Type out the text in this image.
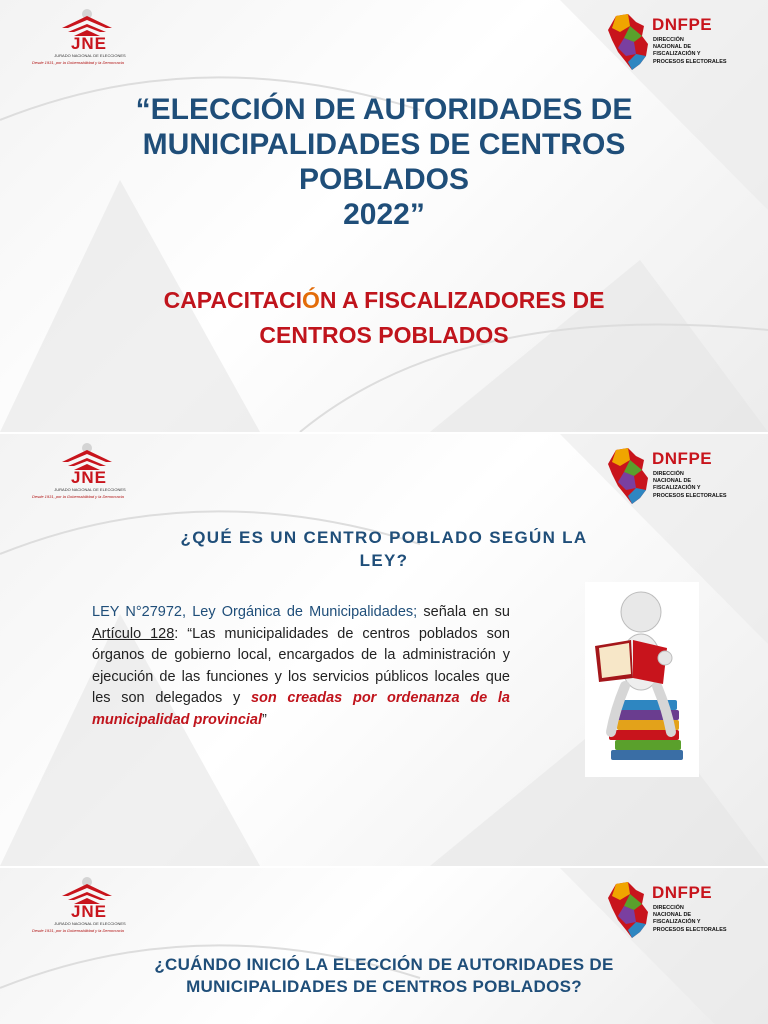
JNE
JURADO NACIONAL DE ELECCIONES
Desde 1931, por la Gobernabilidad y la Democracia
DNFPE
DIRECCIÓN
NACIONAL DE
FISCALIZACIÓN Y
PROCESOS ELECTORALES
“ELECCIÓN DE AUTORIDADES DE
MUNICIPALIDADES DE CENTROS
POBLADOS
2022”
CAPACITACIÓN A FISCALIZADORES DE
CENTROS POBLADOS
JNE
JURADO NACIONAL DE ELECCIONES
Desde 1931, por la Gobernabilidad y la Democracia
DNFPE
DIRECCIÓN
NACIONAL DE
FISCALIZACIÓN Y
PROCESOS ELECTORALES
¿QUÉ ES UN CENTRO POBLADO SEGÚN LA
LEY?

LEY N°27972, Ley Orgánica de Municipalidades; señala en su Artículo 128: “Las municipalidades de centros poblados son órganos de gobierno local, encargados de la administración y ejecución de las funciones y los servicios públicos locales que les son delegados y son creadas por ordenanza de la municipalidad provincial”

JNE
JURADO NACIONAL DE ELECCIONES
Desde 1931, por la Gobernabilidad y la Democracia
DNFPE
DIRECCIÓN
NACIONAL DE
FISCALIZACIÓN Y
PROCESOS ELECTORALES
¿CUÁNDO INICIÓ LA ELECCIÓN DE AUTORIDADES DE
MUNICIPALIDADES DE CENTROS POBLADOS?
